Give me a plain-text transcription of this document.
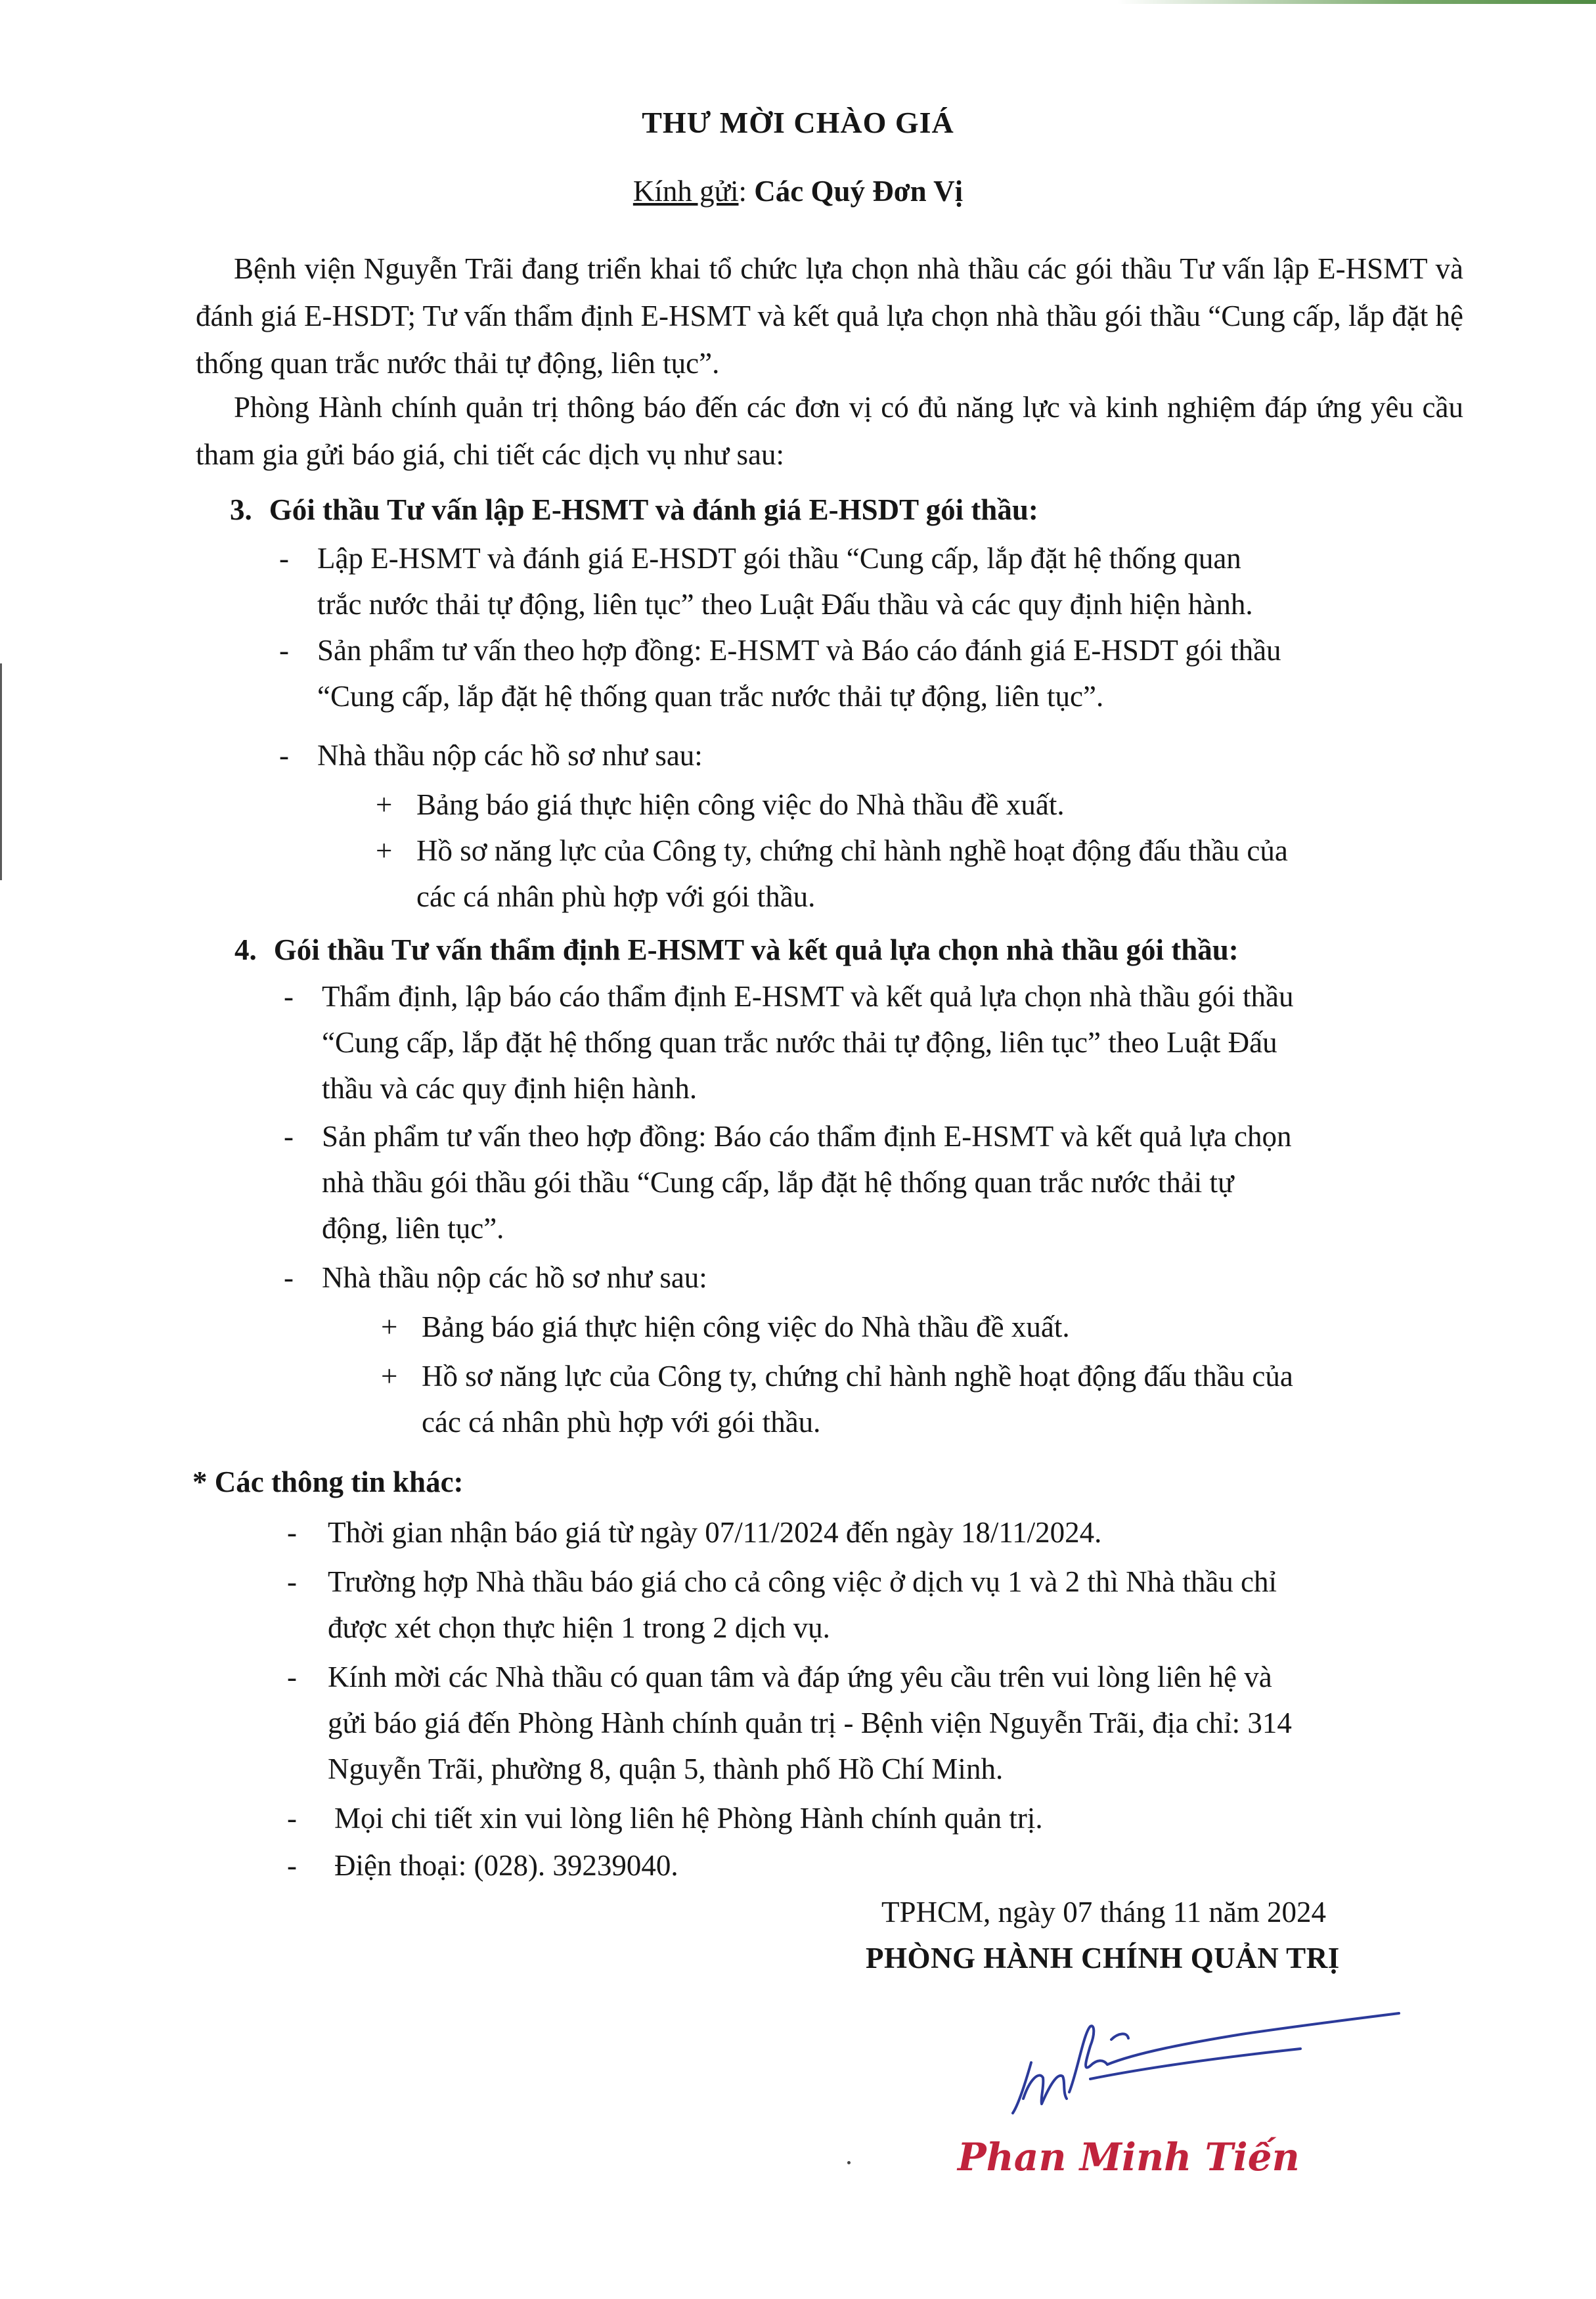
THƯ MỜI CHÀO GIÁ
Kính gửi: Các Quý Đơn Vị
Bệnh viện Nguyễn Trãi đang triển khai tổ chức lựa chọn nhà thầu các gói thầu Tư vấn lập E-HSMT và đánh giá E-HSDT; Tư vấn thẩm định E-HSMT và kết quả lựa chọn nhà thầu gói thầu “Cung cấp, lắp đặt hệ thống quan trắc nước thải tự động, liên tục”.
Phòng Hành chính quản trị thông báo đến các đơn vị có đủ năng lực và kinh nghiệm đáp ứng yêu cầu tham gia gửi báo giá, chi tiết các dịch vụ như sau:
3. Gói thầu Tư vấn lập E-HSMT và đánh giá E-HSDT gói thầu:
- Lập E-HSMT và đánh giá E-HSDT gói thầu “Cung cấp, lắp đặt hệ thống quan
trắc nước thải tự động, liên tục” theo Luật Đấu thầu và các quy định hiện hành.
- Sản phẩm tư vấn theo hợp đồng: E-HSMT và Báo cáo đánh giá E-HSDT gói thầu
“Cung cấp, lắp đặt hệ thống quan trắc nước thải tự động, liên tục”.
- Nhà thầu nộp các hồ sơ như sau:
+ Bảng báo giá thực hiện công việc do Nhà thầu đề xuất.
+ Hồ sơ năng lực của Công ty, chứng chỉ hành nghề hoạt động đấu thầu của
các cá nhân phù hợp với gói thầu.
4. Gói thầu Tư vấn thẩm định E-HSMT và kết quả lựa chọn nhà thầu gói thầu:
- Thẩm định, lập báo cáo thẩm định E-HSMT và kết quả lựa chọn nhà thầu gói thầu
“Cung cấp, lắp đặt hệ thống quan trắc nước thải tự động, liên tục” theo Luật Đấu
thầu và các quy định hiện hành.
- Sản phẩm tư vấn theo hợp đồng: Báo cáo thẩm định E-HSMT và kết quả lựa chọn
nhà thầu gói thầu gói thầu “Cung cấp, lắp đặt hệ thống quan trắc nước thải tự
động, liên tục”.
- Nhà thầu nộp các hồ sơ như sau:
+ Bảng báo giá thực hiện công việc do Nhà thầu đề xuất.
+ Hồ sơ năng lực của Công ty, chứng chỉ hành nghề hoạt động đấu thầu của
các cá nhân phù hợp với gói thầu.
* Các thông tin khác:
- Thời gian nhận báo giá từ ngày 07/11/2024 đến ngày 18/11/2024.
- Trường hợp Nhà thầu báo giá cho cả công việc ở dịch vụ 1 và 2 thì Nhà thầu chỉ
được xét chọn thực hiện 1 trong 2 dịch vụ.
- Kính mời các Nhà thầu có quan tâm và đáp ứng yêu cầu trên vui lòng liên hệ và
gửi báo giá đến Phòng Hành chính quản trị - Bệnh viện Nguyễn Trãi, địa chỉ: 314
Nguyễn Trãi, phường 8, quận 5, thành phố Hồ Chí Minh.
- Mọi chi tiết xin vui lòng liên hệ Phòng Hành chính quản trị.
- Điện thoại: (028). 39239040.
TPHCM, ngày 07 tháng 11 năm 2024
PHÒNG HÀNH CHÍNH QUẢN TRỊ
Phan Minh Tiến
